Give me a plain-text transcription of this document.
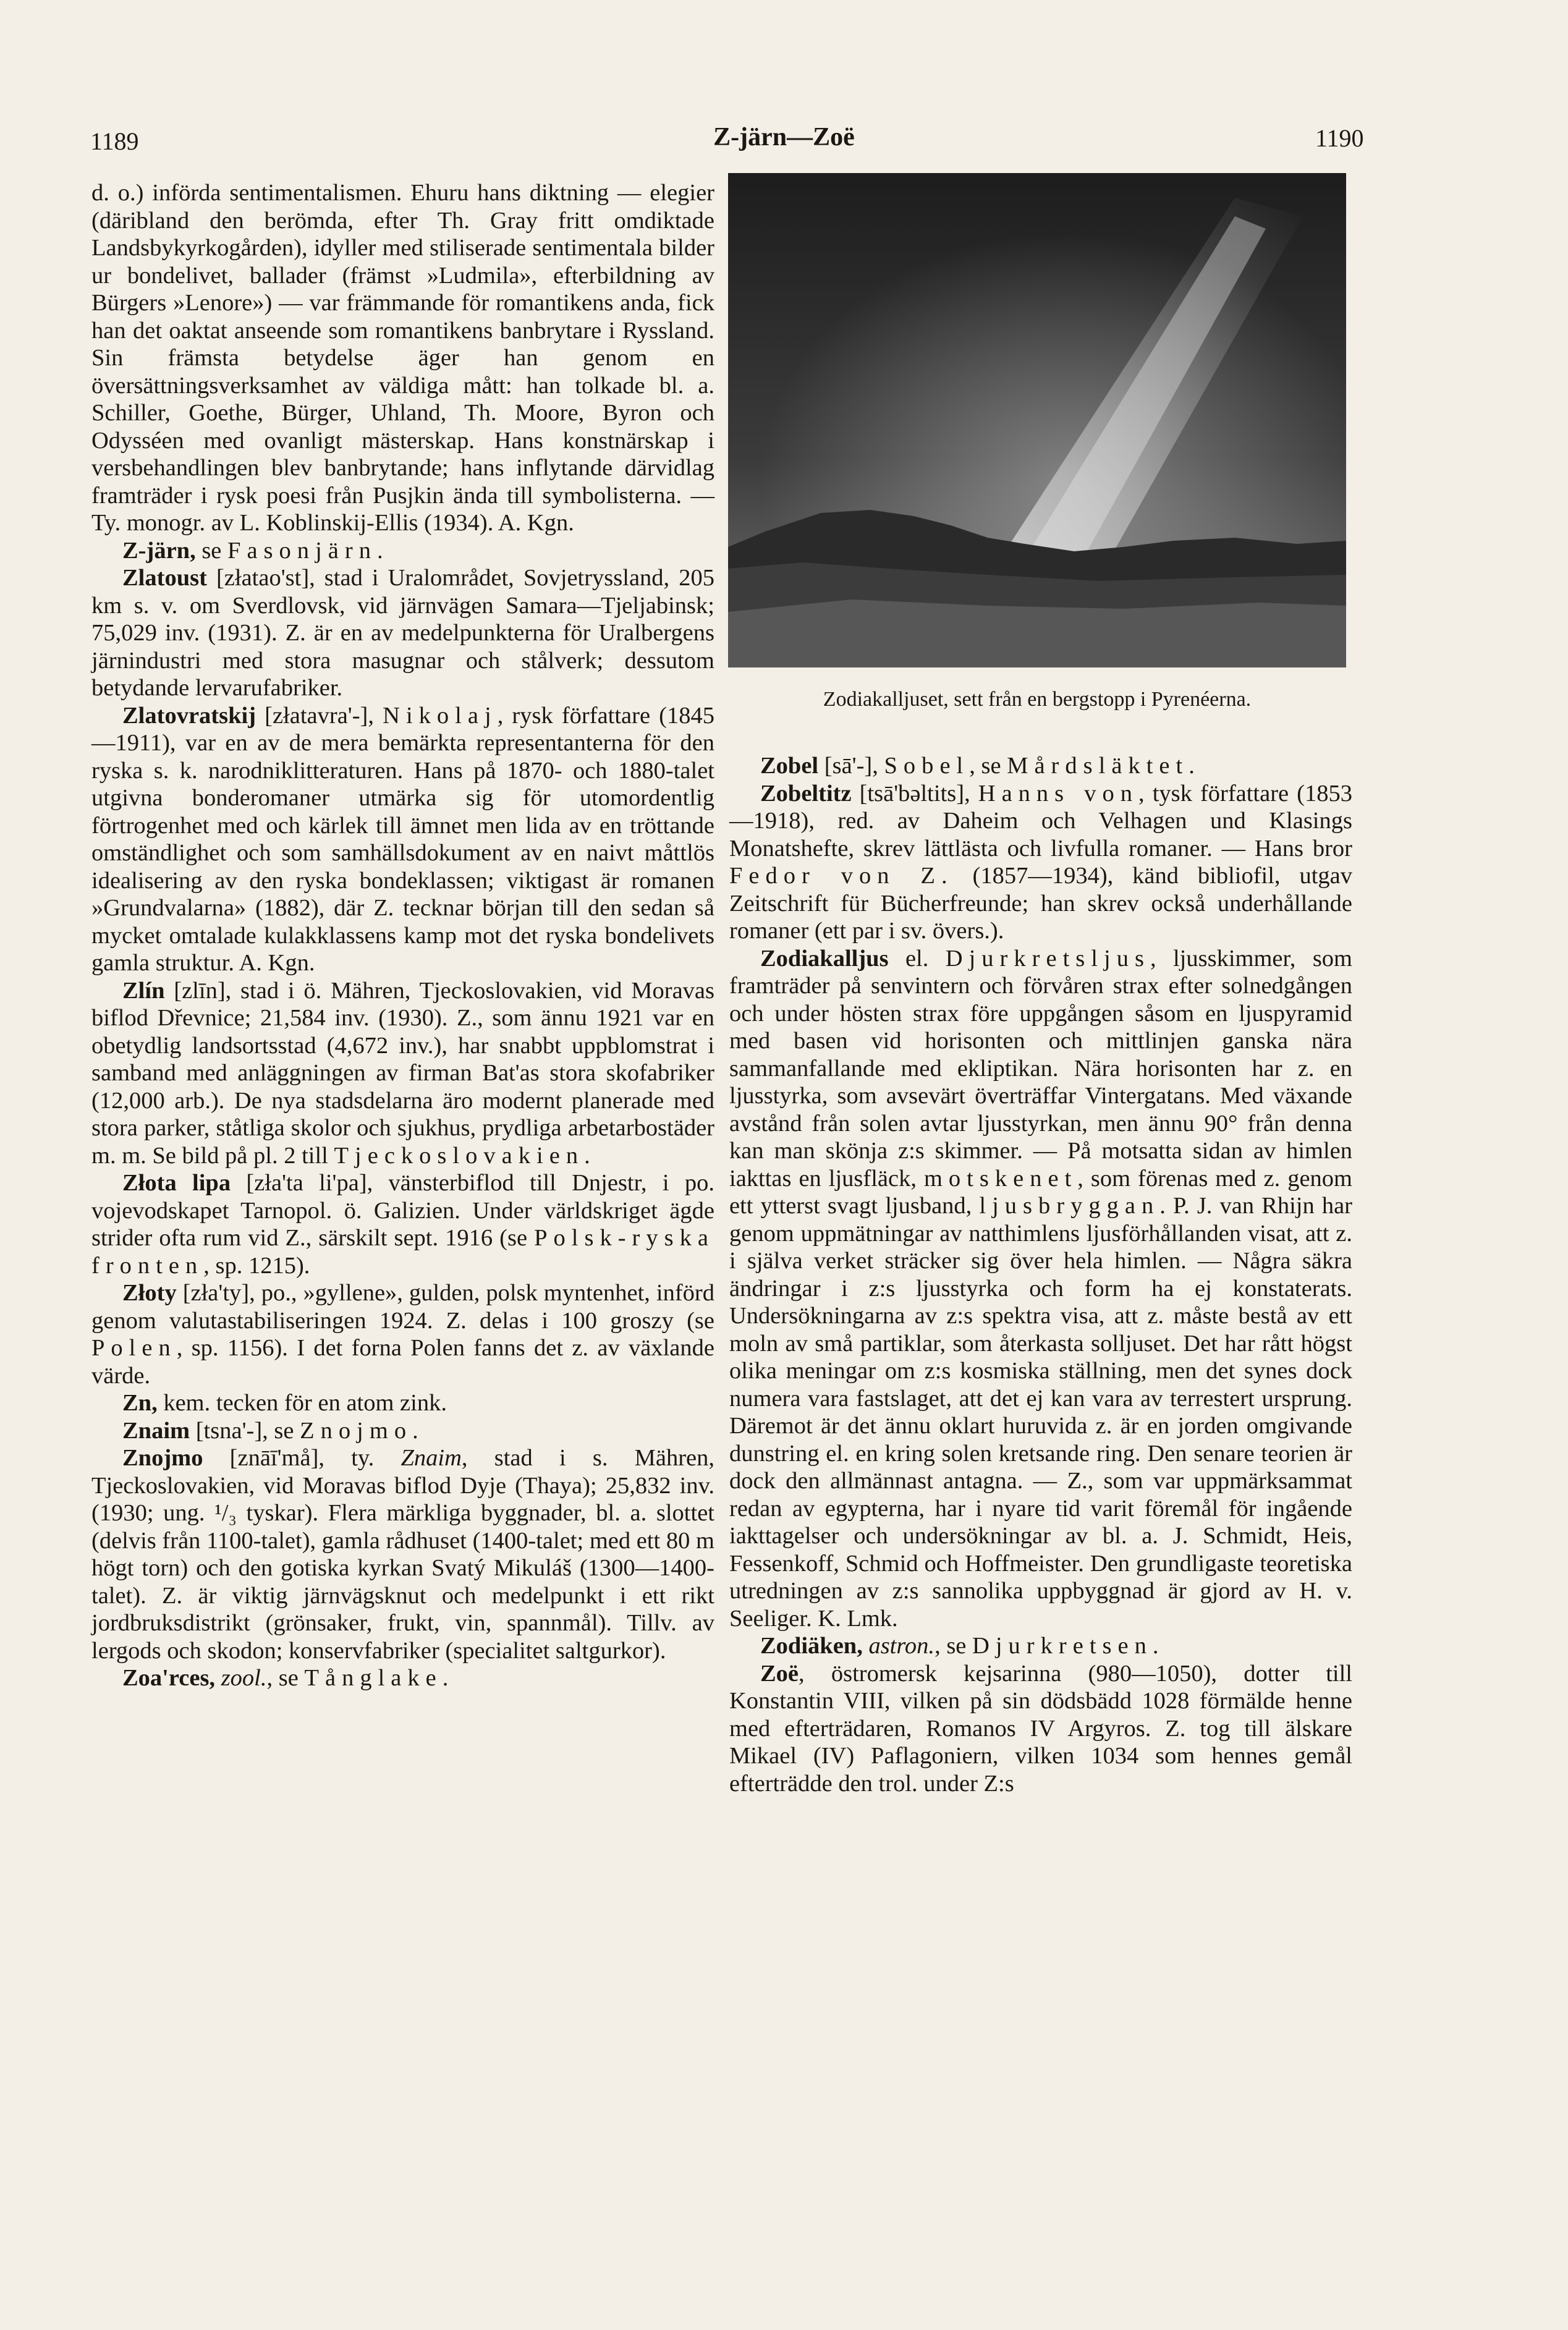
1189	Z-järn—Zoë	1190

d. o.) införda sentimentalismen. Ehuru hans diktning — elegier (däribland den berömda, efter Th. Gray fritt omdiktade Landsbykyrkogården), idyller med stiliserade sentimentala bilder ur bondelivet, ballader (främst »Ludmila», efterbildning av Bürgers »Lenore») — var främmande för romantikens anda, fick han det oaktat anseende som romantikens banbrytare i Ryssland. Sin främsta betydelse äger han genom en översättningsverksamhet av väldiga mått: han tolkade bl. a. Schiller, Goethe, Bürger, Uhland, Th. Moore, Byron och Odysséen med ovanligt mästerskap. Hans konstnärskap i versbehandlingen blev banbrytande; hans inflytande därvidlag framträder i rysk poesi från Pusjkin ända till symbolisterna. — Ty. monogr. av L. Koblinskij-Ellis (1934). A. Kgn.

Z-järn, se Fasonjärn.

Zlatoust [złatao'st], stad i Uralområdet, Sovjetryssland, 205 km s. v. om Sverdlovsk, vid järnvägen Samara—Tjeljabinsk; 75,029 inv. (1931). Z. är en av medelpunkterna för Uralbergens järnindustri med stora masugnar och stålverk; dessutom betydande lervarufabriker.

Zlatovratskij [złatavra'-], Nikolaj, rysk författare (1845—1911), var en av de mera bemärkta representanterna för den ryska s. k. narodniklitteraturen. Hans på 1870- och 1880-talet utgivna bonderomaner utmärka sig för utomordentlig förtrogenhet med och kärlek till ämnet men lida av en tröttande omständlighet och som samhällsdokument av en naivt måttlös idealisering av den ryska bondeklassen; viktigast är romanen »Grundvalarna» (1882), där Z. tecknar början till den sedan så mycket omtalade kulakklassens kamp mot det ryska bondelivets gamla struktur. A. Kgn.

Zlín [zlīn], stad i ö. Mähren, Tjeckoslovakien, vid Moravas biflod Dřevnice; 21,584 inv. (1930). Z., som ännu 1921 var en obetydlig landsortsstad (4,672 inv.), har snabbt uppblomstrat i samband med anläggningen av firman Bat'as stora skofabriker (12,000 arb.). De nya stadsdelarna äro modernt planerade med stora parker, ståtliga skolor och sjukhus, prydliga arbetarbostäder m. m. Se bild på pl. 2 till Tjeckoslovakien.

Złota lipa [zła'ta li'pa], vänsterbiflod till Dnjestr, i po. vojevodskapet Tarnopol. ö. Galizien. Under världskriget ägde strider ofta rum vid Z., särskilt sept. 1916 (se Polsk-ryska fronten, sp. 1215).

Złoty [zła'ty], po., »gyllene», gulden, polsk myntenhet, införd genom valutastabiliseringen 1924. Z. delas i 100 groszy (se Polen, sp. 1156). I det forna Polen fanns det z. av växlande värde.

Zn, kem. tecken för en atom zink.

Znaim [tsna'-], se Znojmo.

Znojmo [znāī'må], ty. Znaim, stad i s. Mähren, Tjeckoslovakien, vid Moravas biflod Dyje (Thaya); 25,832 inv. (1930; ung. ¹/₃ tyskar). Flera märkliga byggnader, bl. a. slottet (delvis från 1100-talet), gamla rådhuset (1400-talet; med ett 80 m högt torn) och den gotiska kyrkan Svatý Mikuláš (1300—1400-talet). Z. är viktig järnvägsknut och medelpunkt i ett rikt jordbruksdistrikt (grönsaker, frukt, vin, spannmål). Tillv. av lergods och skodon; konservfabriker (specialitet saltgurkor).

Zoa'rces, zool., se Tånglake.

Zodiakalljuset, sett från en bergstopp i Pyrenéerna.

Zobel [sā'-], Sobel, se Mårdsläktet.

Zobeltitz [tsā'bəltits], Hanns von, tysk författare (1853—1918), red. av Daheim och Velhagen und Klasings Monatshefte, skrev lättlästa och livfulla romaner. — Hans bror Fedor von Z. (1857—1934), känd bibliofil, utgav Zeitschrift für Bücherfreunde; han skrev också underhållande romaner (ett par i sv. övers.).

Zodiakalljus el. Djurkretsljus, ljusskimmer, som framträder på senvintern och förvåren strax efter solnedgången och under hösten strax före uppgången såsom en ljuspyramid med basen vid horisonten och mittlinjen ganska nära sammanfallande med ekliptikan. Nära horisonten har z. en ljusstyrka, som avsevärt överträffar Vintergatans. Med växande avstånd från solen avtar ljusstyrkan, men ännu 90° från denna kan man skönja z:s skimmer. — På motsatta sidan av himlen iakttas en ljusfläck, motskenet, som förenas med z. genom ett ytterst svagt ljusband, ljusbryggan. P. J. van Rhijn har genom uppmätningar av natthimlens ljusförhållanden visat, att z. i själva verket sträcker sig över hela himlen. — Några säkra ändringar i z:s ljusstyrka och form ha ej konstaterats. Undersökningarna av z:s spektra visa, att z. måste bestå av ett moln av små partiklar, som återkasta solljuset. Det har rått högst olika meningar om z:s kosmiska ställning, men det synes dock numera vara fastslaget, att det ej kan vara av terrestert ursprung. Däremot är det ännu oklart huruvida z. är en jorden omgivande dunstring el. en kring solen kretsande ring. Den senare teorien är dock den allmännast antagna. — Z., som var uppmärksammat redan av egypterna, har i nyare tid varit föremål för ingående iakttagelser och undersökningar av bl. a. J. Schmidt, Heis, Fessenkoff, Schmid och Hoffmeister. Den grundligaste teoretiska utredningen av z:s sannolika uppbyggnad är gjord av H. v. Seeliger. K. Lmk.

Zodiäken, astron., se Djurkretsen.

Zoë, östromersk kejsarinna (980—1050), dotter till Konstantin VIII, vilken på sin dödsbädd 1028 förmälde henne med efterträdaren, Romanos IV Argyros. Z. tog till älskare Mikael (IV) Paflagoniern, vilken 1034 som hennes gemål efterträdde den trol. under Z:s
